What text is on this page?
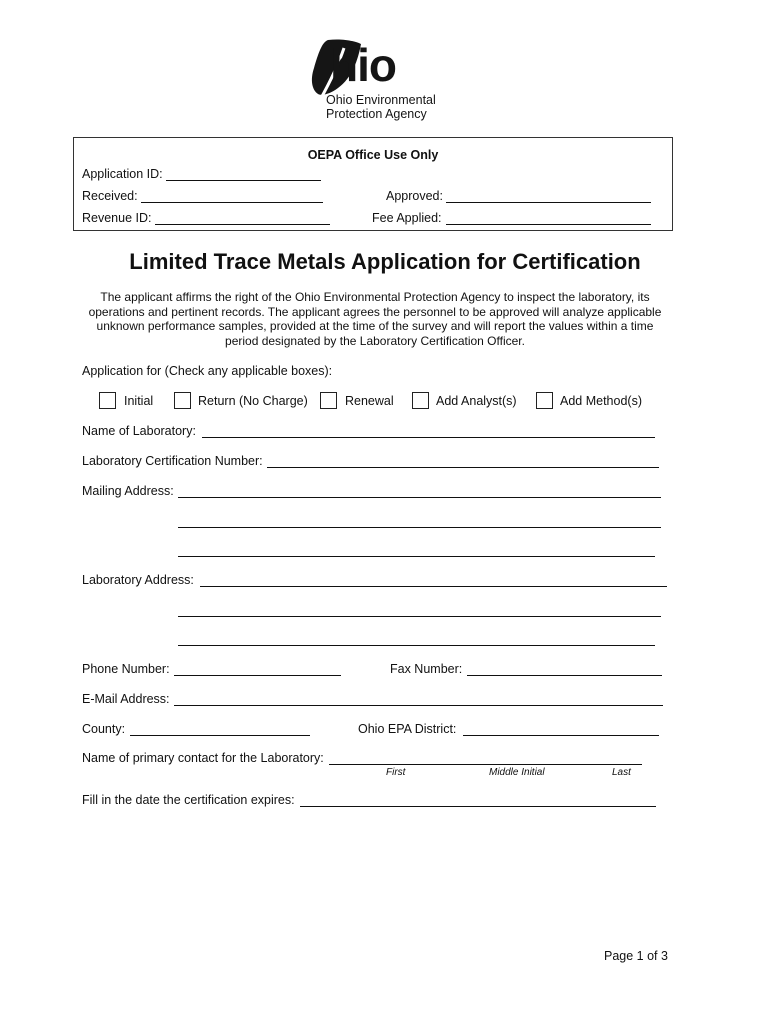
hio
Ohio Environmental
Protection Agency
OEPA Office Use Only
Application ID:
Received:	Approved:
Revenue ID:	Fee Applied:
Limited Trace Metals Application for Certification
The applicant affirms the right of the Ohio Environmental Protection Agency to inspect the laboratory, its operations and pertinent records. The applicant agrees the personnel to be approved will analyze applicable unknown performance samples, provided at the time of the survey and will report the values within a time period designated by the Laboratory Certification Officer.
Application for (Check any applicable boxes):
Initial	Return (No Charge)	Renewal	Add Analyst(s)	Add Method(s)
Name of Laboratory:
Laboratory Certification Number:
Mailing Address:
Laboratory Address:
Phone Number:	Fax Number:
E-Mail Address:
County:	Ohio EPA District:
Name of primary contact for the Laboratory:
First	Middle Initial	Last
Fill in the date the certification expires:
Page 1 of 3
